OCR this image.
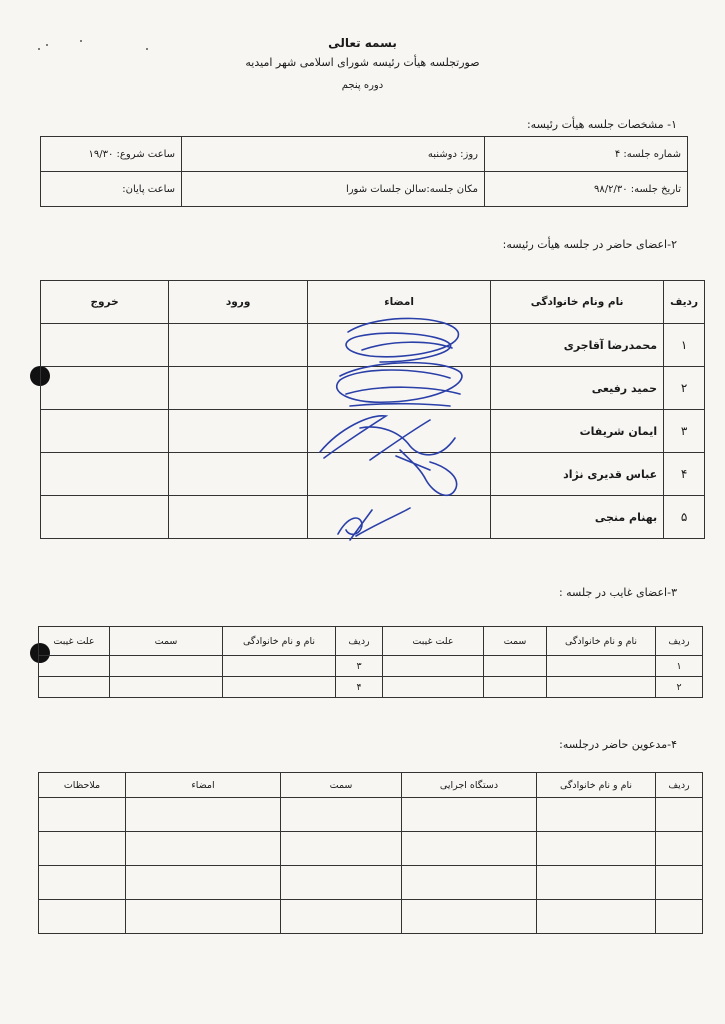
بسمه تعالی
صورتجلسه هیأت رئیسه شورای اسلامی شهر امیدیه
دوره پنجم
۱- مشخصات جلسه هیأت رئیسه:
شماره جلسه: ۴	روز: دوشنبه	ساعت شروع: ۱۹/۳۰
تاریخ جلسه: ۹۸/۲/۳۰	مکان جلسه:سالن جلسات شورا	ساعت پایان:
۲-اعضای حاضر در جلسه هیأت رئیسه:
ردیف	نام ونام خانوادگی	امضاء	ورود	خروج
۱	محمدرضا آقاجری			
۲	حمید رفیعی			
۳	ایمان شریفات			
۴	عباس قدیری نژاد			
۵	بهنام منجی			
۳-اعضای غایب در جلسه :
ردیف	نام و نام خانوادگی	سمت	علت غیبت	ردیف	نام و نام خانوادگی	سمت	علت غیبت
۱				۳			
۲				۴			
۴-مدعوین حاضر درجلسه:
ردیف	نام و نام خانوادگی	دستگاه اجرایی	سمت	امضاء	ملاحظات
